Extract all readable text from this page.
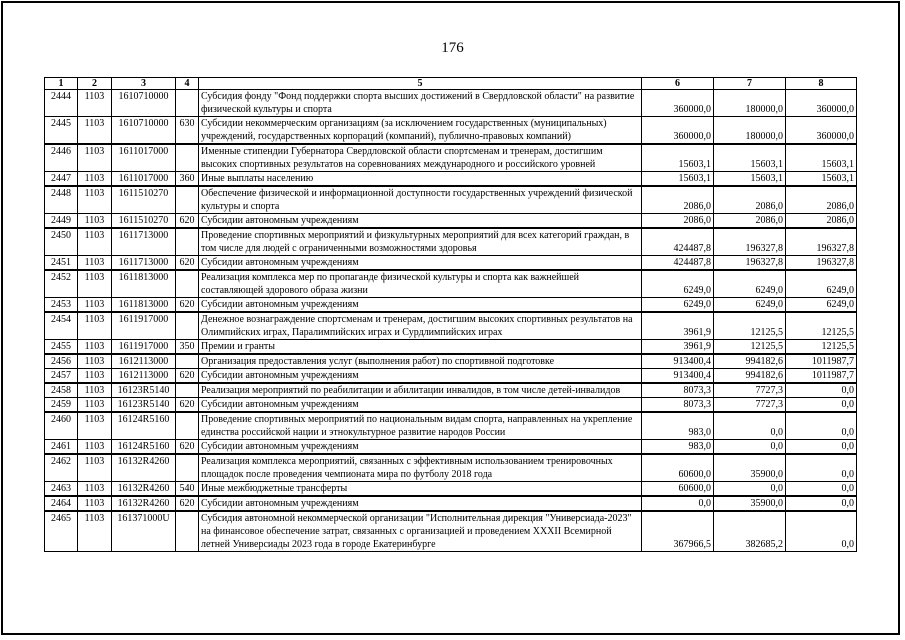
176
1	2	3	4	5	6	7	8
2444	1103	1610710000		Субсидия фонду "Фонд поддержки спорта высших достижений в Свердловской области" на развитие физической культуры и спорта	360000,0	180000,0	360000,0
2445	1103	1610710000	630	Субсидии некоммерческим организациям (за исключением государственных (муниципальных) учреждений, государственных корпораций (компаний), публично-правовых компаний)	360000,0	180000,0	360000,0
2446	1103	1611017000		Именные стипендии Губернатора Свердловской области спортсменам и тренерам, достигшим высоких спортивных результатов на соревнованиях международного и российского уровней	15603,1	15603,1	15603,1
2447	1103	1611017000	360	Иные выплаты населению	15603,1	15603,1	15603,1
2448	1103	1611510270		Обеспечение физической и информационной доступности государственных учреждений физической культуры и спорта	2086,0	2086,0	2086,0
2449	1103	1611510270	620	Субсидии автономным учреждениям	2086,0	2086,0	2086,0
2450	1103	1611713000		Проведение спортивных мероприятий и физкультурных мероприятий для всех категорий граждан, в том числе для людей с ограниченными возможностями здоровья	424487,8	196327,8	196327,8
2451	1103	1611713000	620	Субсидии автономным учреждениям	424487,8	196327,8	196327,8
2452	1103	1611813000		Реализация комплекса мер по пропаганде физической культуры и спорта как важнейшей составляющей здорового образа жизни	6249,0	6249,0	6249,0
2453	1103	1611813000	620	Субсидии автономным учреждениям	6249,0	6249,0	6249,0
2454	1103	1611917000		Денежное вознаграждение спортсменам и тренерам, достигшим высоких спортивных результатов на Олимпийских играх, Паралимпийских играх и Сурдлимпийских играх	3961,9	12125,5	12125,5
2455	1103	1611917000	350	Премии и гранты	3961,9	12125,5	12125,5
2456	1103	1612113000		Организация предоставления услуг (выполнения работ) по спортивной подготовке	913400,4	994182,6	1011987,7
2457	1103	1612113000	620	Субсидии автономным учреждениям	913400,4	994182,6	1011987,7
2458	1103	16123R5140		Реализация мероприятий по реабилитации и абилитации инвалидов, в том числе детей-инвалидов	8073,3	7727,3	0,0
2459	1103	16123R5140	620	Субсидии автономным учреждениям	8073,3	7727,3	0,0
2460	1103	16124R5160		Проведение спортивных мероприятий по национальным видам спорта, направленных на укрепление единства российской нации и этнокультурное развитие народов России	983,0	0,0	0,0
2461	1103	16124R5160	620	Субсидии автономным учреждениям	983,0	0,0	0,0
2462	1103	16132R4260		Реализация комплекса мероприятий, связанных с эффективным использованием тренировочных площадок после проведения чемпионата мира по футболу 2018 года	60600,0	35900,0	0,0
2463	1103	16132R4260	540	Иные межбюджетные трансферты	60600,0	0,0	0,0
2464	1103	16132R4260	620	Субсидии автономным учреждениям	0,0	35900,0	0,0
2465	1103	161371000U		Субсидия автономной некоммерческой организации "Исполнительная дирекция "Универсиада-2023" на финансовое обеспечение затрат, связанных с организацией и проведением XXXII Всемирной летней Универсиады 2023 года в городе Екатеринбурге	367966,5	382685,2	0,0
